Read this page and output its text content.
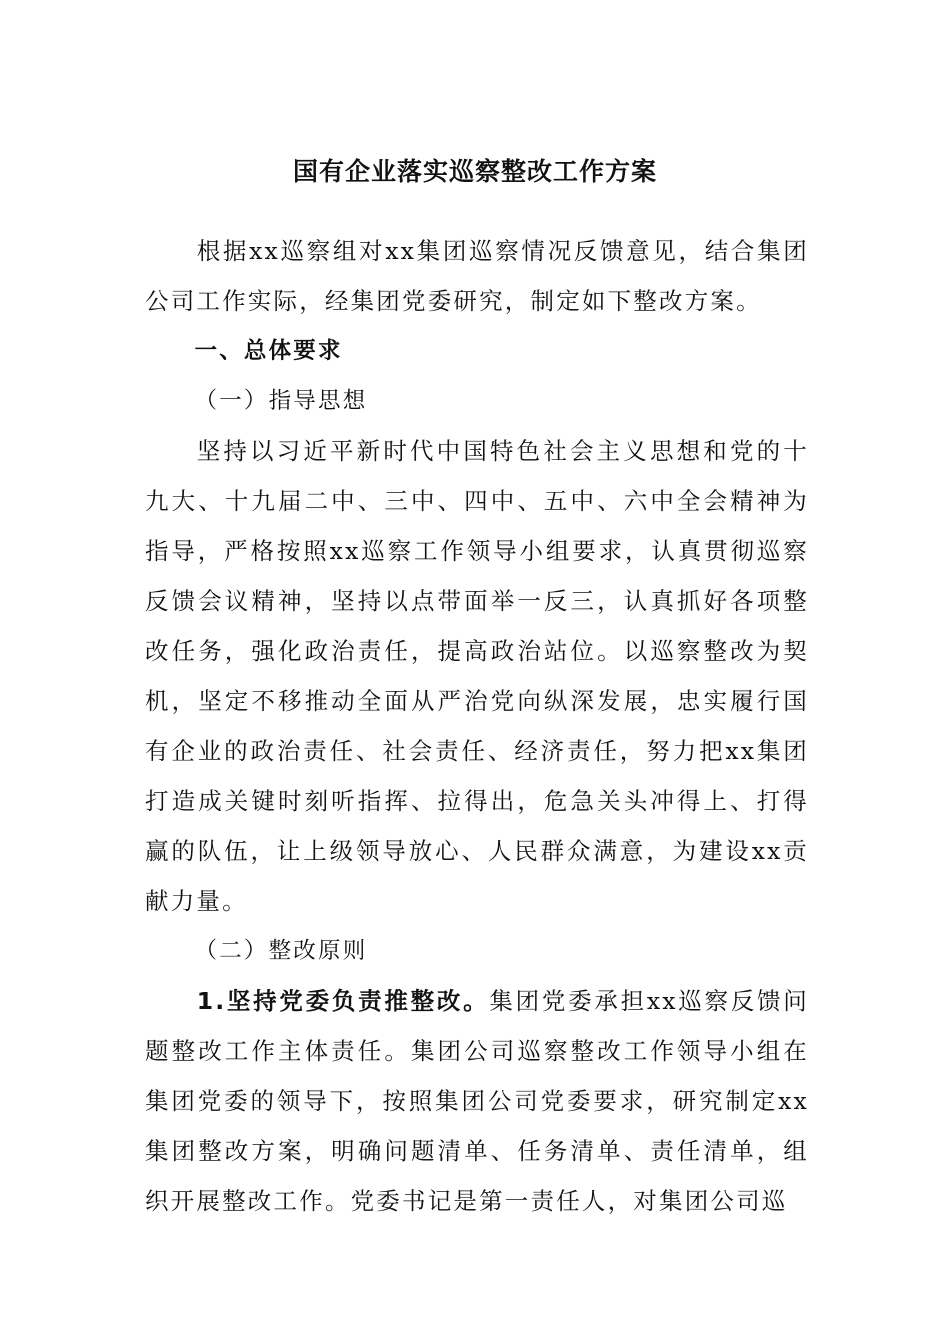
国有企业落实巡察整改工作方案

根据xx巡察组对xx集团巡察情况反馈意见，结合集团公司工作实际，经集团党委研究，制定如下整改方案。

一、总体要求

（一）指导思想

坚持以习近平新时代中国特色社会主义思想和党的十九大、十九届二中、三中、四中、五中、六中全会精神为指导，严格按照xx巡察工作领导小组要求，认真贯彻巡察反馈会议精神，坚持以点带面举一反三，认真抓好各项整改任务，强化政治责任，提高政治站位。以巡察整改为契机，坚定不移推动全面从严治党向纵深发展，忠实履行国有企业的政治责任、社会责任、经济责任，努力把xx集团打造成关键时刻听指挥、拉得出，危急关头冲得上、打得赢的队伍，让上级领导放心、人民群众满意，为建设xx贡献力量。

（二）整改原则

1.坚持党委负责推整改。集团党委承担xx巡察反馈问题整改工作主体责任。集团公司巡察整改工作领导小组在集团党委的领导下，按照集团公司党委要求，研究制定xx集团整改方案，明确问题清单、任务清单、责任清单，组织开展整改工作。党委书记是第一责任人，对集团公司巡
